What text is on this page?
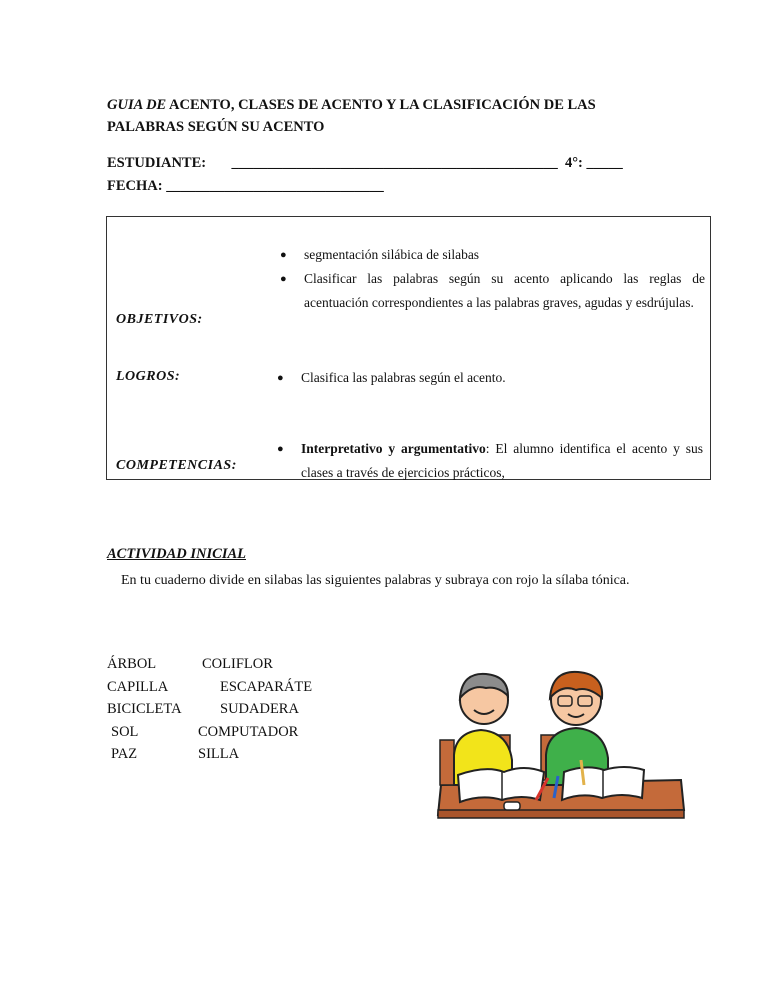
GUIA DE ACENTO, CLASES DE ACENTO Y LA CLASIFICACIÓN DE LAS PALABRAS SEGÚN SU ACENTO
ESTUDIANTE:       _____________________________________________  4°: _____
FECHA: ______________________________
OBJETIVOS:
●	segmentación silábica de silabas
●	Clasificar las palabras según su acento aplicando las reglas de acentuación correspondientes a las palabras graves, agudas y esdrújulas.
LOGROS:	●	Clasifica las palabras según el acento.
COMPETENCIAS:
●	Interpretativo y argumentativo: El alumno identifica el acento y sus clases a través de ejercicios prácticos,
ACTIVIDAD INICIAL
En tu cuaderno divide en silabas las siguientes palabras y subraya con rojo la sílaba tónica.
ÁRBOL	COLIFLOR
CAPILLA	ESCAPARÁTE
BICICLETA	SUDADERA
SOL	COMPUTADOR
PAZ	SILLA
